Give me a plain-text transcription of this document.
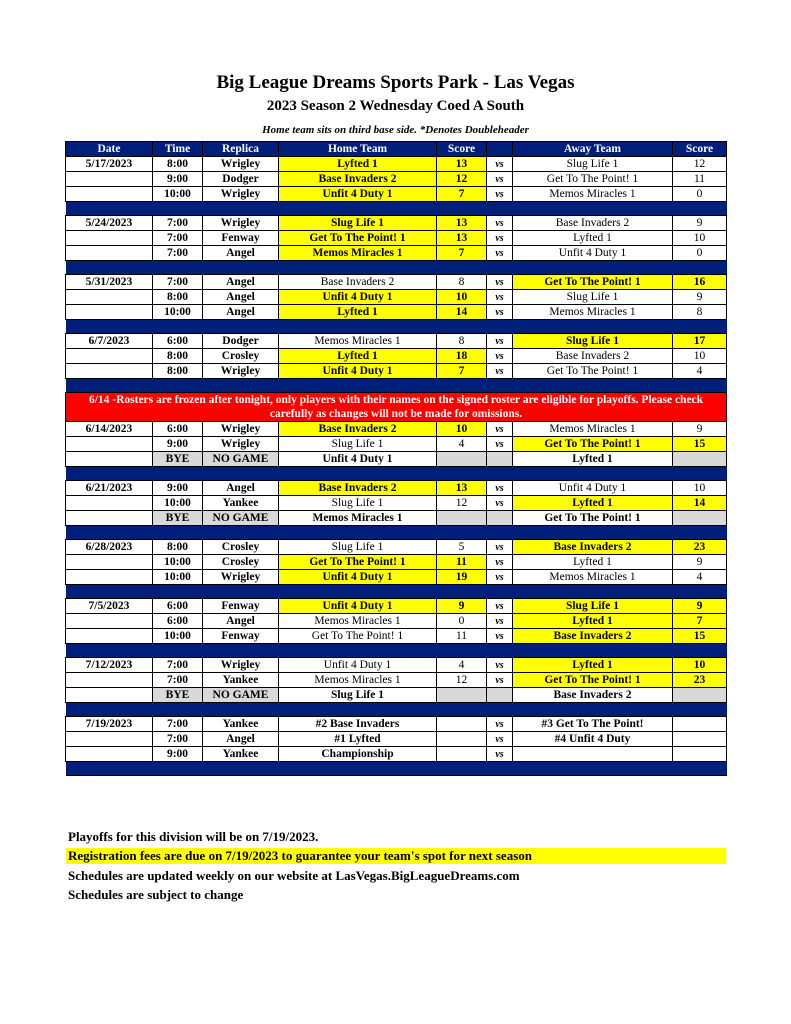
Big League Dreams Sports Park - Las Vegas
2023 Season 2 Wednesday Coed A South
Home team sits on third base side. *Denotes Doubleheader
Date	Time	Replica	Home Team	Score		Away Team	Score
5/17/2023	8:00	Wrigley	Lyfted 1	13	vs	Slug Life 1	12
	9:00	Dodger	Base Invaders 2	12	vs	Get To The Point! 1	11
	10:00	Wrigley	Unfit 4 Duty 1	7	vs	Memos Miracles 1	0

5/24/2023	7:00	Wrigley	Slug Life 1	13	vs	Base Invaders 2	9
	7:00	Fenway	Get To The Point! 1	13	vs	Lyfted 1	10
	7:00	Angel	Memos Miracles 1	7	vs	Unfit 4 Duty 1	0

5/31/2023	7:00	Angel	Base Invaders 2	8	vs	Get To The Point! 1	16
	8:00	Angel	Unfit 4 Duty 1	10	vs	Slug Life 1	9
	10:00	Angel	Lyfted 1	14	vs	Memos Miracles 1	8

6/7/2023	6:00	Dodger	Memos Miracles 1	8	vs	Slug Life 1	17
	8:00	Crosley	Lyfted 1	18	vs	Base Invaders 2	10
	8:00	Wrigley	Unfit 4 Duty 1	7	vs	Get To The Point! 1	4

6/14 -Rosters are frozen after tonight, only players with their names on the signed roster are eligible for playoffs. Please check carefully as changes will not be made for omissions.							
6/14/2023	6:00	Wrigley	Base Invaders 2	10	vs	Memos Miracles 1	9
	9:00	Wrigley	Slug Life 1	4	vs	Get To The Point! 1	15
	BYE	NO GAME	Unfit 4 Duty 1			Lyfted 1	

6/21/2023	9:00	Angel	Base Invaders 2	13	vs	Unfit 4 Duty 1	10
	10:00	Yankee	Slug Life 1	12	vs	Lyfted 1	14
	BYE	NO GAME	Memos Miracles 1			Get To The Point! 1	

6/28/2023	8:00	Crosley	Slug Life 1	5	vs	Base Invaders 2	23
	10:00	Crosley	Get To The Point! 1	11	vs	Lyfted 1	9
	10:00	Wrigley	Unfit 4 Duty 1	19	vs	Memos Miracles 1	4

7/5/2023	6:00	Fenway	Unfit 4 Duty 1	9	vs	Slug Life 1	9
	6:00	Angel	Memos Miracles 1	0	vs	Lyfted 1	7
	10:00	Fenway	Get To The Point! 1	11	vs	Base Invaders 2	15

7/12/2023	7:00	Wrigley	Unfit 4 Duty 1	4	vs	Lyfted 1	10
	7:00	Yankee	Memos Miracles 1	12	vs	Get To The Point! 1	23
	BYE	NO GAME	Slug Life 1			Base Invaders 2	

7/19/2023	7:00	Yankee	#2 Base Invaders		vs	#3 Get To The Point!	
	7:00	Angel	#1 Lyfted		vs	#4 Unfit 4 Duty	
	9:00	Yankee	Championship		vs		

Playoffs for this division will be on 7/19/2023.
Registration fees are due on 7/19/2023 to guarantee your team's spot for next season
Schedules are updated weekly on our website at LasVegas.BigLeagueDreams.com
Schedules are subject to change
